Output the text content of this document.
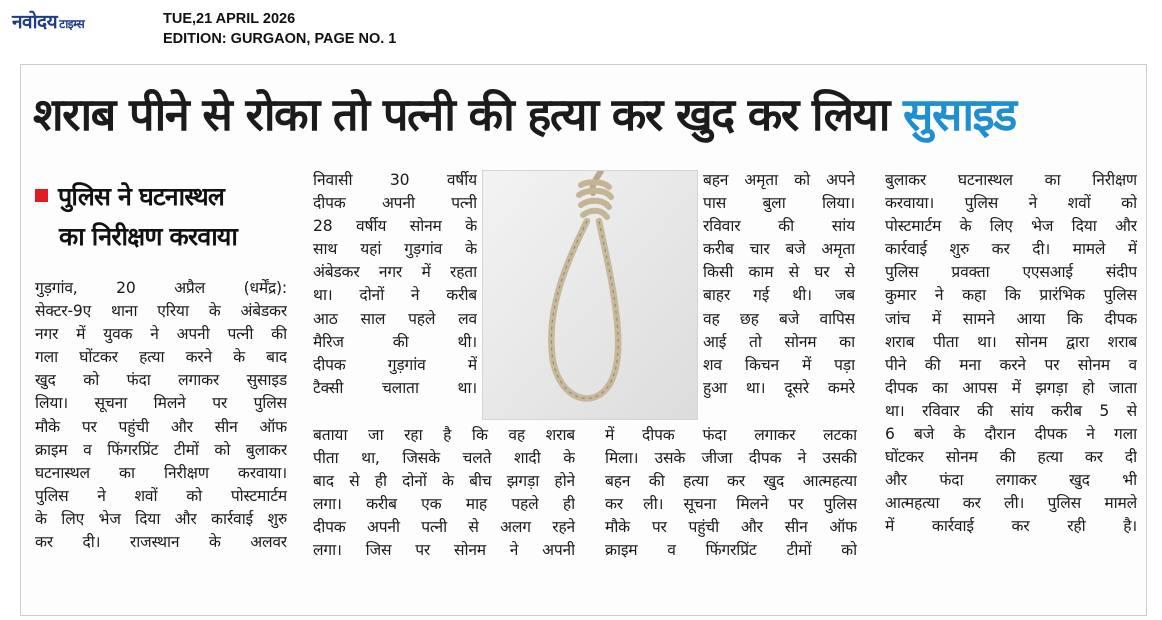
नवोदय टाइम्स	TUE,21 APRIL 2026
EDITION: GURGAON, PAGE NO. 1
शराब पीने से रोका तो पत्नी की हत्या कर खुद कर लिया सुसाइड
पुलिस ने घटनास्थल
का निरीक्षण करवाया
गुड़गांव, 20 अप्रैल (धर्मेंद्र):
सेक्टर-9ए थाना एरिया के अंबेडकर
नगर में युवक ने अपनी पत्नी की
गला घोंटकर हत्या करने के बाद
खुद को फंदा लगाकर सुसाइड
लिया। सूचना मिलने पर पुलिस
मौके पर पहुंची और सीन ऑफ
क्राइम व फिंगरप्रिंट टीमों को बुलाकर
घटनास्थल का निरीक्षण करवाया।
पुलिस ने शवों को पोस्टमार्टम
के लिए भेज दिया और कार्रवाई शुरु
कर दी। राजस्थान के अलवर
निवासी 30 वर्षीय
दीपक अपनी पत्नी
28 वर्षीय सोनम के
साथ यहां गुड़गांव के
अंबेडकर नगर में रहता
था। दोनों ने करीब
आठ साल पहले लव
मैरिज की थी।
दीपक गुड़गांव में
टैक्सी चलाता था।
बताया जा रहा है कि वह शराब
पीता था, जिसके चलते शादी के
बाद से ही दोनों के बीच झगड़ा होने
लगा। करीब एक माह पहले ही
दीपक अपनी पत्नी से अलग रहने
लगा। जिस पर सोनम ने अपनी
बहन अमृता को अपने
पास बुला लिया।
रविवार की सांय
करीब चार बजे अमृता
किसी काम से घर से
बाहर गई थी। जब
वह छह बजे वापिस
आई तो सोनम का
शव किचन में पड़ा
हुआ था। दूसरे कमरे
में दीपक फंदा लगाकर लटका
मिला। उसके जीजा दीपक ने उसकी
बहन की हत्या कर खुद आत्महत्या
कर ली। सूचना मिलने पर पुलिस
मौके पर पहुंची और सीन ऑफ
क्राइम व फिंगरप्रिंट टीमों को
बुलाकर घटनास्थल का निरीक्षण
करवाया। पुलिस ने शवों को
पोस्टमार्टम के लिए भेज दिया और
कार्रवाई शुरु कर दी। मामले में
पुलिस प्रवक्ता एएसआई संदीप
कुमार ने कहा कि प्रारंभिक पुलिस
जांच में सामने आया कि दीपक
शराब पीता था। सोनम द्वारा शराब
पीने की मना करने पर सोनम व
दीपक का आपस में झगड़ा हो जाता
था। रविवार की सांय करीब 5 से
6 बजे के दौरान दीपक ने गला
घोंटकर सोनम की हत्या कर दी
और फंदा लगाकर खुद भी
आत्महत्या कर ली। पुलिस मामले
में कार्रवाई कर रही है।
